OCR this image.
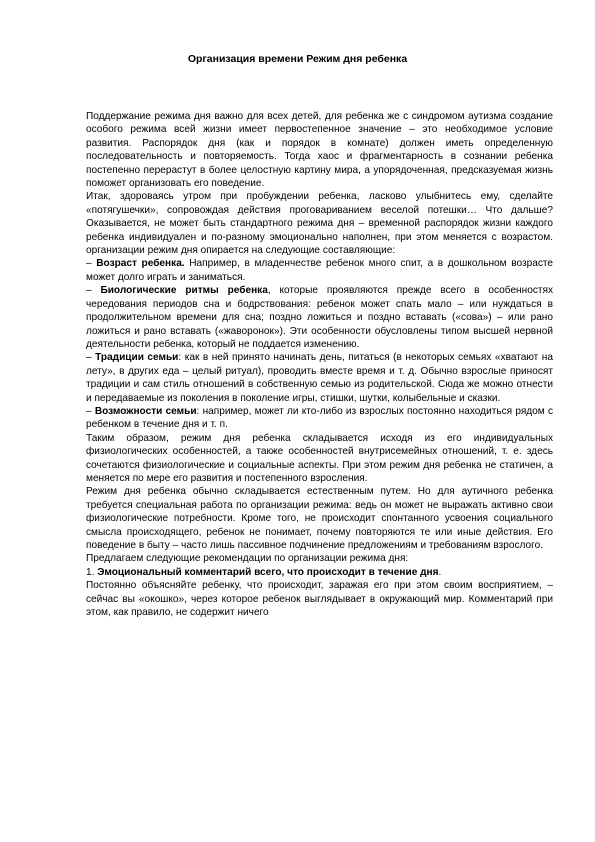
Организация времени Режим дня ребенка

Поддержание режима дня важно для всех детей, для ребенка же с синдромом аутизма создание особого режима всей жизни имеет первостепенное значение – это необходимое условие развития. Распорядок дня (как и порядок в комнате) должен иметь определенную последовательность и повторяемость. Тогда хаос и фрагментарность в сознании ребенка постепенно перерастут в более целостную картину мира, а упорядоченная, предсказуемая жизнь поможет организовать его поведение.

Итак, здороваясь утром при пробуждении ребенка, ласково улыбнитесь ему, сделайте «потягушечки», сопровождая действия проговариванием веселой потешки… Что дальше? Оказывается, не может быть стандартного режима дня – временной распорядок жизни каждого ребенка индивидуален и по-разному эмоционально наполнен, при этом меняется с возрастом. организации режим дня опирается на следующие составляющие:

– Возраст ребенка. Например, в младенчестве ребенок много спит, а в дошкольном возрасте может долго играть и заниматься.

– Биологические ритмы ребенка, которые проявляются прежде всего в особенностях чередования периодов сна и бодрствования: ребенок может спать мало – или нуждаться в продолжительном времени для сна; поздно ложиться и поздно вставать («сова») – или рано ложиться и рано вставать («жаворонок»). Эти особенности обусловлены типом высшей нервной деятельности ребенка, который не поддается изменению.

– Традиции семьи: как в ней принято начинать день, питаться (в некоторых семьях «хватают на лету», в других еда – целый ритуал), проводить вместе время и т. д. Обычно взрослые приносят традиции и сам стиль отношений в собственную семью из родительской. Сюда же можно отнести и передаваемые из поколения в поколение игры, стишки, шутки, колыбельные и сказки.

– Возможности семьи: например, может ли кто-либо из взрослых постоянно находиться рядом с ребенком в течение дня и т. п.

Таким образом, режим дня ребенка складывается исходя из его индивидуальных физиологических особенностей, а также особенностей внутрисемейных отношений, т. е. здесь сочетаются физиологические и социальные аспекты. При этом режим дня ребенка не статичен, а меняется по мере его развития и постепенного взросления.

Режим дня ребенка обычно складывается естественным путем. Но для аутичного ребенка требуется специальная работа по организации режима: ведь он может не выражать активно свои физиологические потребности. Кроме того, не происходит спонтанного усвоения социального смысла происходящего, ребенок не понимает, почему повторяются те или иные действия. Его поведение в быту – часто лишь пассивное подчинение предложениям и требованиям взрослого.

Предлагаем следующие рекомендации по организации режима дня:

1. Эмоциональный комментарий всего, что происходит в течение дня.

Постоянно объясняйте ребенку, что происходит, заражая его при этом своим восприятием, – сейчас вы «окошко», через которое ребенок выглядывает в окружающий мир. Комментарий при этом, как правило, не содержит ничего
